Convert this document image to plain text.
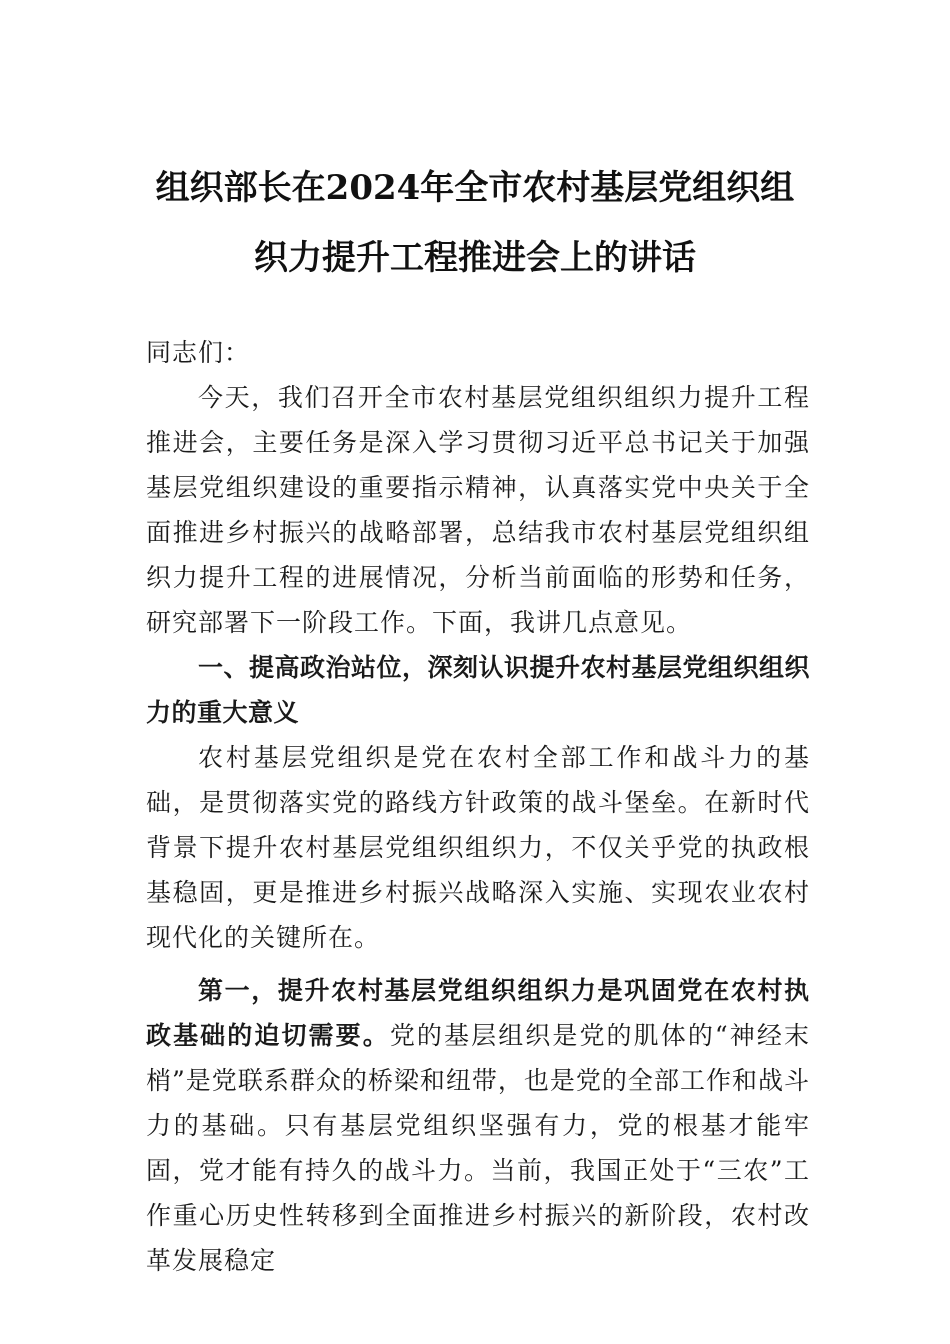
组织部长在2024年全市农村基层党组织组
织力提升工程推进会上的讲话

同志们：

今天，我们召开全市农村基层党组织组织力提升工程推进会，主要任务是深入学习贯彻习近平总书记关于加强基层党组织建设的重要指示精神，认真落实党中央关于全面推进乡村振兴的战略部署，总结我市农村基层党组织组织力提升工程的进展情况，分析当前面临的形势和任务，研究部署下一阶段工作。下面，我讲几点意见。

一、提高政治站位，深刻认识提升农村基层党组织组织力的重大意义

农村基层党组织是党在农村全部工作和战斗力的基础，是贯彻落实党的路线方针政策的战斗堡垒。在新时代背景下提升农村基层党组织组织力，不仅关乎党的执政根基稳固，更是推进乡村振兴战略深入实施、实现农业农村现代化的关键所在。

第一，提升农村基层党组织组织力是巩固党在农村执政基础的迫切需要。党的基层组织是党的肌体的“神经末梢”是党联系群众的桥梁和纽带，也是党的全部工作和战斗力的基础。只有基层党组织坚强有力，党的根基才能牢固，党才能有持久的战斗力。当前，我国正处于“三农”工作重心历史性转移到全面推进乡村振兴的新阶段，农村改革发展稳定
